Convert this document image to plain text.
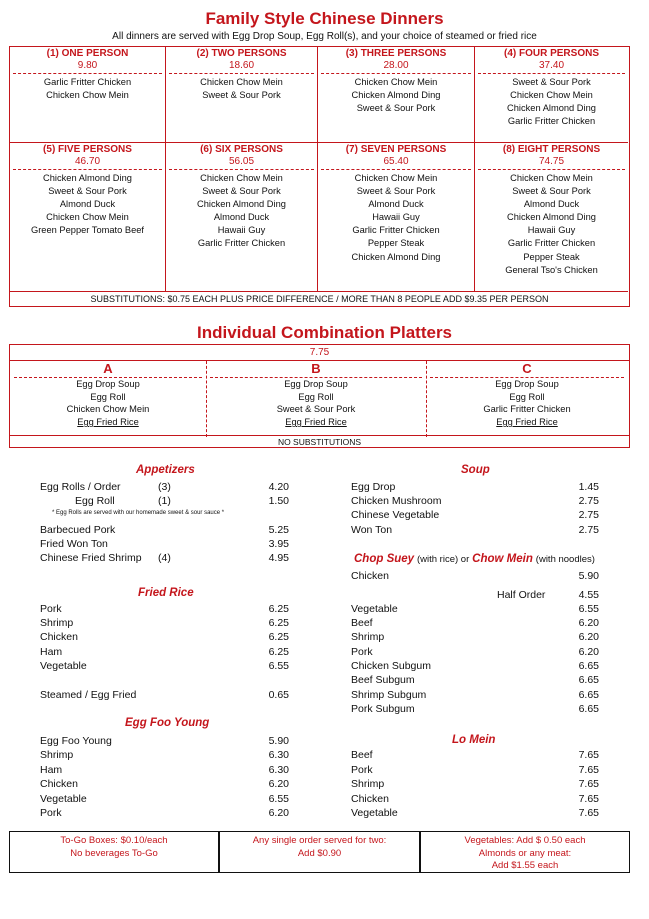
Family Style Chinese Dinners
All dinners are served with Egg Drop Soup, Egg Roll(s), and your choice of steamed or fried rice
(1) ONE PERSON
9.80
Garlic Fritter Chicken
Chicken Chow Mein
(2) TWO PERSONS
18.60
Chicken Chow Mein
Sweet & Sour Pork
(3) THREE PERSONS
28.00
Chicken Chow Mein
Chicken Almond Ding
Sweet & Sour Pork
(4) FOUR PERSONS
37.40
Sweet & Sour Pork
Chicken Chow Mein
Chicken Almond Ding
Garlic Fritter Chicken
(5) FIVE PERSONS
46.70
Chicken Almond Ding
Sweet & Sour Pork
Almond Duck
Chicken Chow Mein
Green Pepper Tomato Beef
(6) SIX PERSONS
56.05
Chicken Chow Mein
Sweet & Sour Pork
Chicken Almond Ding
Almond Duck
Hawaii Guy
Garlic Fritter Chicken
(7) SEVEN PERSONS
65.40
Chicken Chow Mein
Sweet & Sour Pork
Almond Duck
Hawaii Guy
Garlic Fritter Chicken
Pepper Steak
Chicken Almond Ding
(8) EIGHT PERSONS
74.75
Chicken Chow Mein
Sweet & Sour Pork
Almond Duck
Chicken Almond Ding
Hawaii Guy
Garlic Fritter Chicken
Pepper Steak
General Tso's Chicken
SUBSTITUTIONS: $0.75 EACH PLUS PRICE DIFFERENCE / MORE THAN 8 PEOPLE ADD $9.35 PER PERSON
Individual Combination Platters
7.75
A
Egg Drop Soup
Egg Roll
Chicken Chow Mein
Egg Fried Rice
B
Egg Drop Soup
Egg Roll
Sweet & Sour Pork
Egg Fried Rice
C
Egg Drop Soup
Egg Roll
Garlic Fritter Chicken
Egg Fried Rice
NO SUBSTITUTIONS
Appetizers
Egg Rolls / Order	(3)	4.20
Egg Roll	(1)	1.50
* Egg Rolls are served with our homemade sweet & sour sauce *
Barbecued Pork	5.25
Fried Won Ton	3.95
Chinese Fried Shrimp (4)	4.95
Soup
Egg Drop	1.45
Chicken Mushroom	2.75
Chinese Vegetable	2.75
Won Ton	2.75
Chop Suey (with rice) or Chow Mein (with noodles)
Chicken	5.90
Half Order	4.55
Vegetable	6.55
Beef	6.20
Shrimp	6.20
Pork	6.20
Chicken Subgum	6.65
Beef Subgum	6.65
Shrimp Subgum	6.65
Pork Subgum	6.65
Fried Rice
Pork	6.25
Shrimp	6.25
Chicken	6.25
Ham	6.25
Vegetable	6.55
Steamed / Egg Fried	0.65
Egg Foo Young
Egg Foo Young	5.90
Shrimp	6.30
Ham	6.30
Chicken	6.20
Vegetable	6.55
Pork	6.20
Lo Mein
Beef	7.65
Pork	7.65
Shrimp	7.65
Chicken	7.65
Vegetable	7.65
To-Go Boxes: $0.10/each
No beverages To-Go
Any single order served for two:
Add $0.90
Vegetables: Add $ 0.50 each
Almonds or any meat:
Add $1.55 each
